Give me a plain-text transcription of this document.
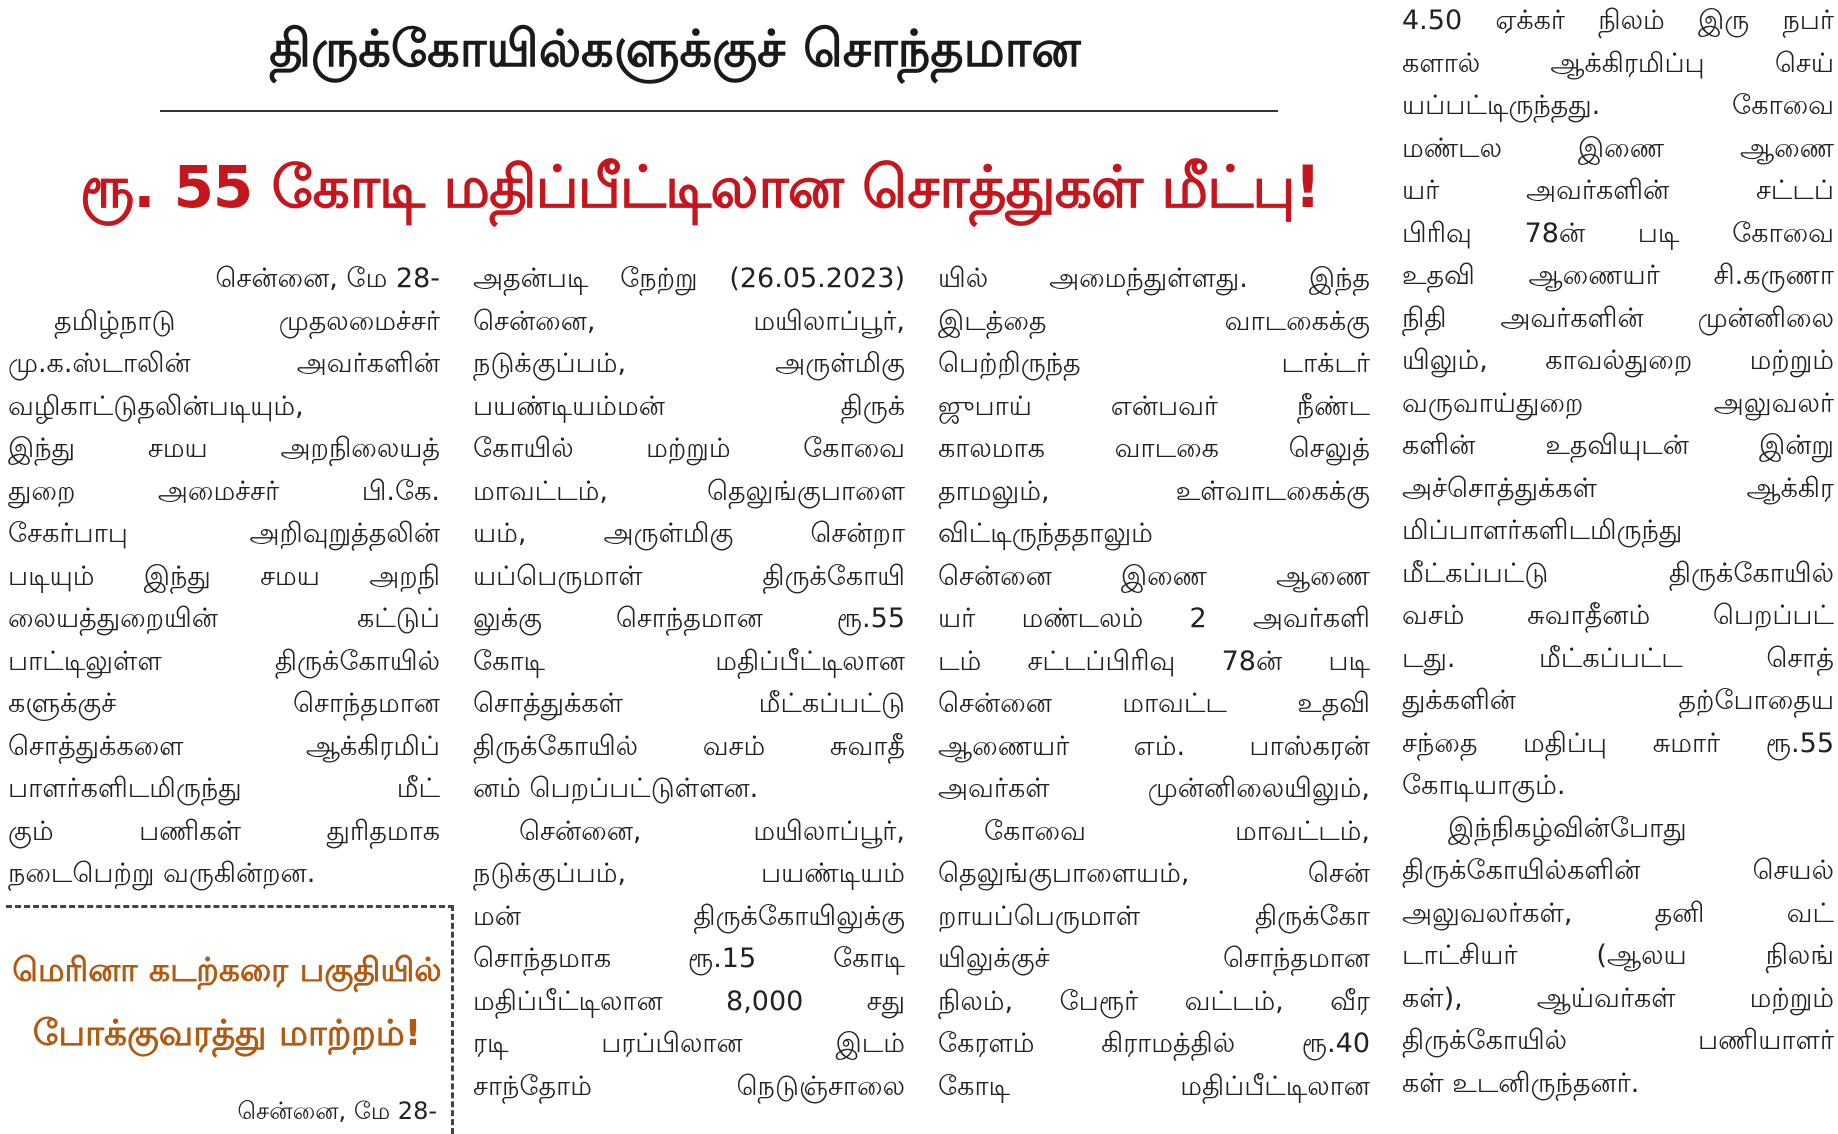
திருக்கோயில்களுக்குச் சொந்தமான
ரூ. 55 கோடி மதிப்பீட்டிலான சொத்துகள் மீட்பு!

சென்னை, மே 28-

தமிழ்நாடு முதலமைச்சர்

மு.க.ஸ்டாலின் அவர்களின்

வழிகாட்டுதலின்படியும்,

இந்து சமய அறநிலையத்

துறை அமைச்சர் பி.கே.

சேகர்பாபு அறிவுறுத்தலின்

படியும் இந்து சமய அறநி

லையத்துறையின் கட்டுப்

பாட்டிலுள்ள திருக்கோயில்

களுக்குச் சொந்தமான

சொத்துக்களை ஆக்கிரமிப்

பாளர்களிடமிருந்து மீட்

கும் பணிகள் துரிதமாக

நடைபெற்று வருகின்றன.

அதன்படி நேற்று (26.05.2023)

சென்னை, மயிலாப்பூர்,

நடுக்குப்பம், அருள்மிகு

பயண்டியம்மன் திருக்

கோயில் மற்றும் கோவை

மாவட்டம், தெலுங்குபாளை

யம், அருள்மிகு சென்றா

யப்பெருமாள் திருக்கோயி

லுக்கு சொந்தமான ரூ.55

கோடி மதிப்பீட்டிலான

சொத்துக்கள் மீட்கப்பட்டு

திருக்கோயில் வசம் சுவாதீ

னம் பெறப்பட்டுள்ளன.

சென்னை, மயிலாப்பூர்,

நடுக்குப்பம், பயண்டியம்

மன் திருக்கோயிலுக்கு

சொந்தமாக ரூ.15 கோடி

மதிப்பீட்டிலான 8,000 சது

ரடி பரப்பிலான இடம்

சாந்தோம் நெடுஞ்சாலை

யில் அமைந்துள்ளது. இந்த

இடத்தை வாடகைக்கு

பெற்றிருந்த டாக்டர்

ஜுபாய் என்பவர் நீண்ட

காலமாக வாடகை செலுத்

தாமலும், உள்வாடகைக்கு

விட்டிருந்ததாலும்

சென்னை இணை ஆணை

யர் மண்டலம் 2 அவர்களி

டம் சட்டப்பிரிவு 78ன் படி

சென்னை மாவட்ட உதவி

ஆணையர் எம். பாஸ்கரன்

அவர்கள் முன்னிலையிலும்,

கோவை மாவட்டம்,

தெலுங்குபாளையம், சென்

றாயப்பெருமாள் திருக்கோ

யிலுக்குச் சொந்தமான

நிலம், பேரூர் வட்டம், வீர

கேரளம் கிராமத்தில் ரூ.40

கோடி மதிப்பீட்டிலான

4.50 ஏக்கர் நிலம் இரு நபர்

களால் ஆக்கிரமிப்பு செய்

யப்பட்டிருந்தது. கோவை

மண்டல இணை ஆணை

யர் அவர்களின் சட்டப்

பிரிவு 78ன் படி கோவை

உதவி ஆணையர் சி.கருணா

நிதி அவர்களின் முன்னிலை

யிலும், காவல்துறை மற்றும்

வருவாய்துறை அலுவலர்

களின் உதவியுடன் இன்று

அச்சொத்துக்கள் ஆக்கிர

மிப்பாளர்களிடமிருந்து

மீட்கப்பட்டு திருக்கோயில்

வசம் சுவாதீனம் பெறப்பட்

டது. மீட்கப்பட்ட சொத்

துக்களின் தற்போதைய

சந்தை மதிப்பு சுமார் ரூ.55

கோடியாகும்.

இந்நிகழ்வின்போது

திருக்கோயில்களின் செயல்

அலுவலர்கள், தனி வட்

டாட்சியர் (ஆலய நிலங்

கள்), ஆய்வர்கள் மற்றும்

திருக்கோயில் பணியாளர்

கள் உடனிருந்தனர்.

மெரினா கடற்கரை பகுதியில்
போக்குவரத்து மாற்றம்!
சென்னை, மே 28-
